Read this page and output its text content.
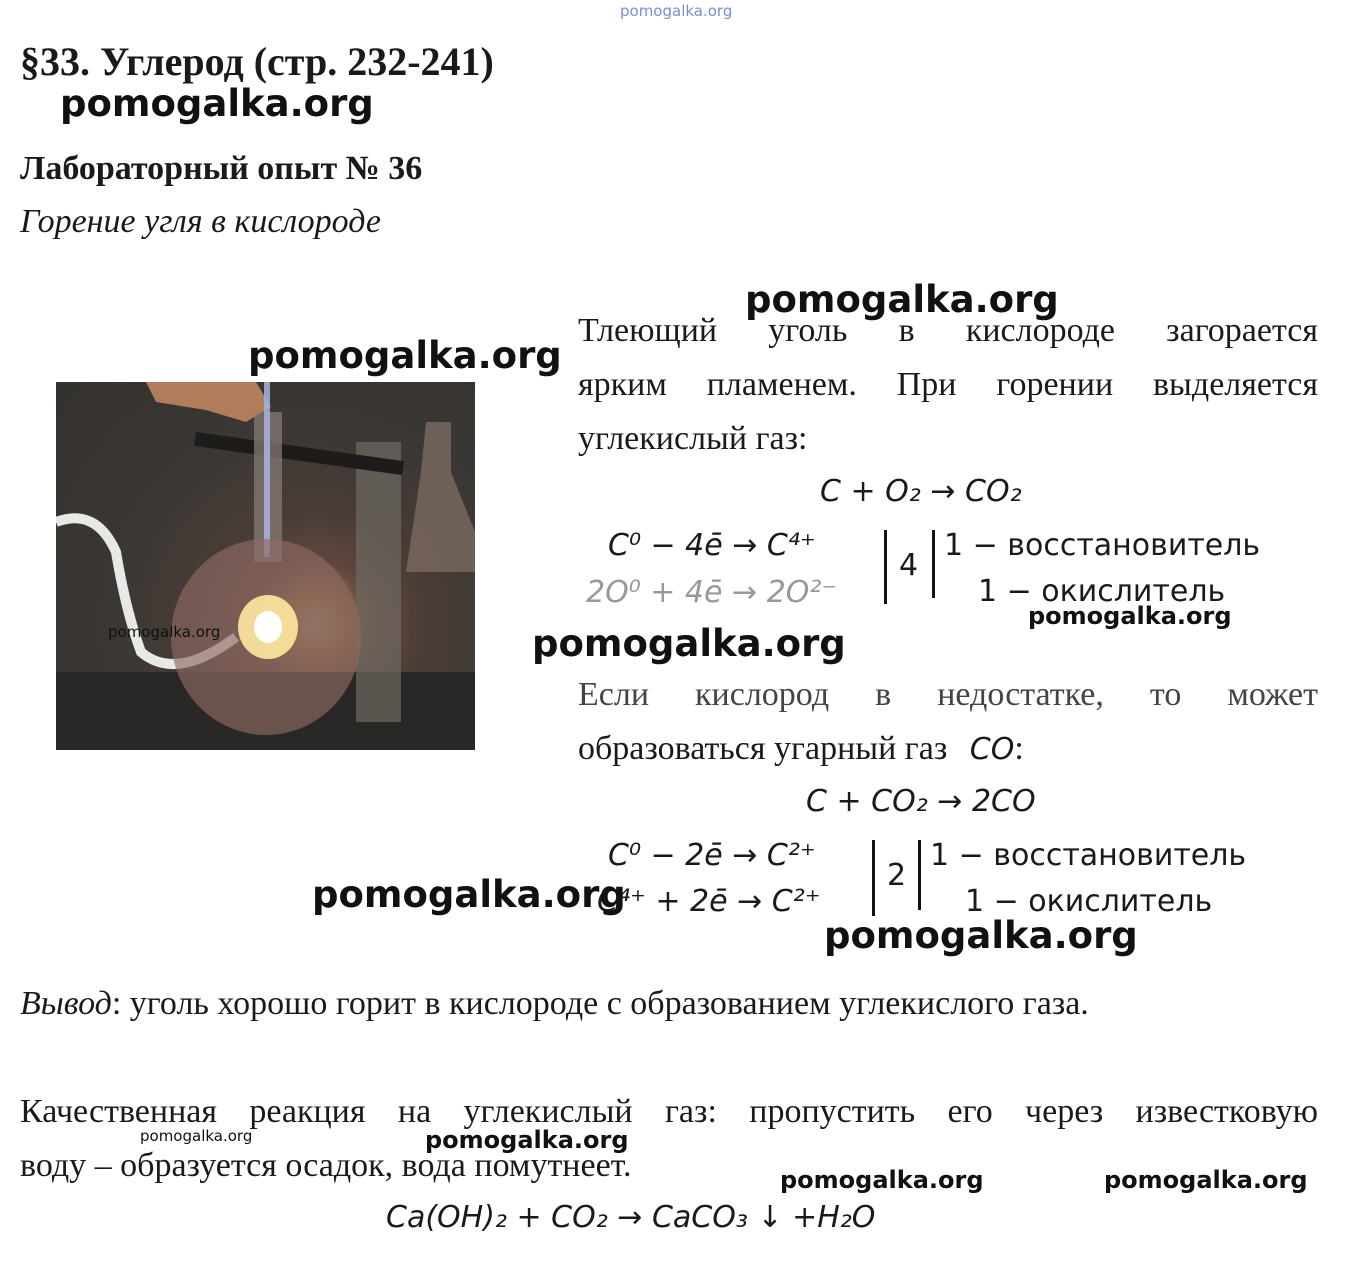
pomogalka.org
§33. Углерод (стр. 232-241)
pomogalka.org
Лабораторный опыт № 36
Горение угля в кислороде
pomogalka.org
pomogalka.org
pomogalka.org
Тлеющий уголь в кислороде загорается
ярким пламенем. При горении выделяется
углекислый газ:
C + O₂ → CO₂
C⁰ − 4ē → C⁴⁺
2O⁰ + 4ē → 2O²⁻
4
1 − восстановитель
1 − окислитель
pomogalka.org
pomogalka.org
Если кислород в недостатке, то может
образоваться угарный газ CO:
C + CO₂ → 2CO
C⁰ − 2ē → C²⁺
C⁴⁺ + 2ē → C²⁺
2
1 − восстановитель
1 − окислитель
pomogalka.org
pomogalka.org
Вывод: уголь хорошо горит в кислороде с образованием углекислого газа.
Качественная реакция на углекислый газ: пропустить его через известковую
воду – образуется осадок, вода помутнеет.
pomogalka.org	pomogalka.org
pomogalka.org	pomogalka.org
Ca(OH)₂ + CO₂ → CaCO₃ ↓ +H₂O
